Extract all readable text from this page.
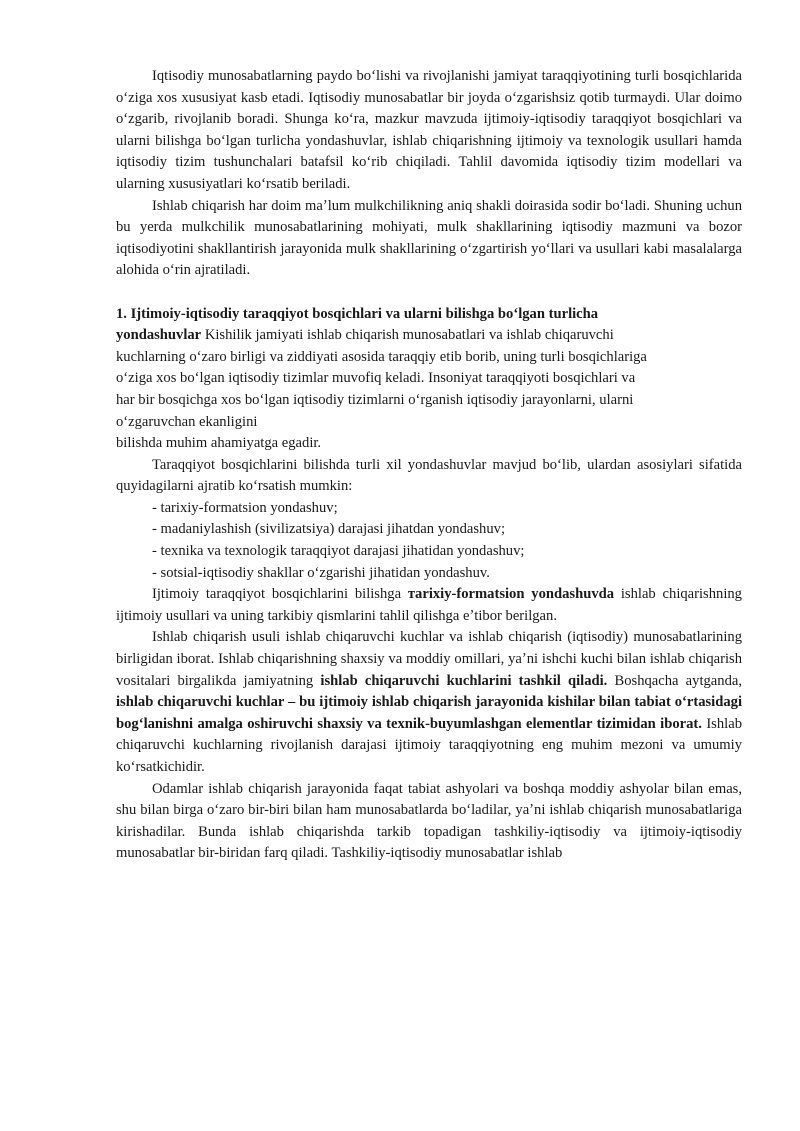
Iqtisodiy munosabatlarning paydo boʻlishi va rivojlanishi jamiyat taraqqiyotining turli bosqichlarida oʻziga xos xususiyat kasb etadi. Iqtisodiy munosabatlar bir joyda oʻzgarishsiz qotib turmaydi. Ular doimo oʻzgarib, rivojlanib boradi. Shunga koʻra, mazkur mavzuda ijtimoiy-iqtisodiy taraqqiyot bosqichlari va ularni bilishga boʻlgan turlicha yondashuvlar, ishlab chiqarishning ijtimoiy va texnologik usullari hamda iqtisodiy tizim tushunchalari batafsil koʻrib chiqiladi. Tahlil davomida iqtisodiy tizim modellari va ularning xususiyatlari koʻrsatib beriladi.

Ishlab chiqarish har doim maʼlum mulkchilikning aniq shakli doirasida sodir boʻladi. Shuning uchun bu yerda mulkchilik munosabatlarining mohiyati, mulk shakllarining iqtisodiy mazmuni va bozor iqtisodiyotini shakllantirish jarayonida mulk shakllarining oʻzgartirish yoʻllari va usullari kabi masalalarga alohida oʻrin ajratiladi.

1. Ijtimoiy-iqtisodiy taraqqiyot bosqichlari va ularni bilishga boʻlgan turlicha
yondashuvlar Kishilik jamiyati ishlab chiqarish munosabatlari va ishlab chiqaruvchi
kuchlarning oʻzaro birligi va ziddiyati asosida taraqqiy etib borib, uning turli bosqichlariga
oʻziga xos boʻlgan iqtisodiy tizimlar muvofiq keladi. Insoniyat taraqqiyoti bosqichlari va
har bir bosqichga xos boʻlgan iqtisodiy tizimlarni oʻrganish iqtisodiy jarayonlarni, ularni
oʻzgaruvchan ekanligini
bilishda muhim ahamiyatga egadir.

Taraqqiyot bosqichlarini bilishda turli xil yondashuvlar mavjud boʻlib, ulardan asosiylari sifatida quyidagilarni ajratib koʻrsatish mumkin:

- tarixiy-formatsion yondashuv;
- madaniylashish (sivilizatsiya) darajasi jihatdan yondashuv;
- texnika va texnologik taraqqiyot darajasi jihatidan yondashuv;
- sotsial-iqtisodiy shakllar oʻzgarishi jihatidan yondashuv.

Ijtimoiy taraqqiyot bosqichlarini bilishga тarixiy-formatsion yondashuvda ishlab chiqarishning ijtimoiy usullari va uning tarkibiy qismlarini tahlil qilishga eʼtibor berilgan.

Ishlab chiqarish usuli ishlab chiqaruvchi kuchlar va ishlab chiqarish (iqtisodiy) munosabatlarining birligidan iborat. Ishlab chiqarishning shaxsiy va moddiy omillari, yaʼni ishchi kuchi bilan ishlab chiqarish vositalari birgalikda jamiyatning ishlab chiqaruvchi kuchlarini tashkil qiladi. Boshqacha aytganda, ishlab chiqaruvchi kuchlar – bu ijtimoiy ishlab chiqarish jarayonida kishilar bilan tabiat oʻrtasidagi bogʻlanishni amalga oshiruvchi shaxsiy va texnik-buyumlashgan elementlar tizimidan iborat. Ishlab chiqaruvchi kuchlarning rivojlanish darajasi ijtimoiy taraqqiyotning eng muhim mezoni va umumiy koʻrsatkichidir.

Odamlar ishlab chiqarish jarayonida faqat tabiat ashyolari va boshqa moddiy ashyolar bilan emas, shu bilan birga oʻzaro bir-biri bilan ham munosabatlarda boʻladilar, yaʼni ishlab chiqarish munosabatlariga kirishadilar. Bunda ishlab chiqarishda tarkib topadigan tashkiliy-iqtisodiy va ijtimoiy-iqtisodiy munosabatlar bir-biridan farq qiladi. Tashkiliy-iqtisodiy munosabatlar ishlab
